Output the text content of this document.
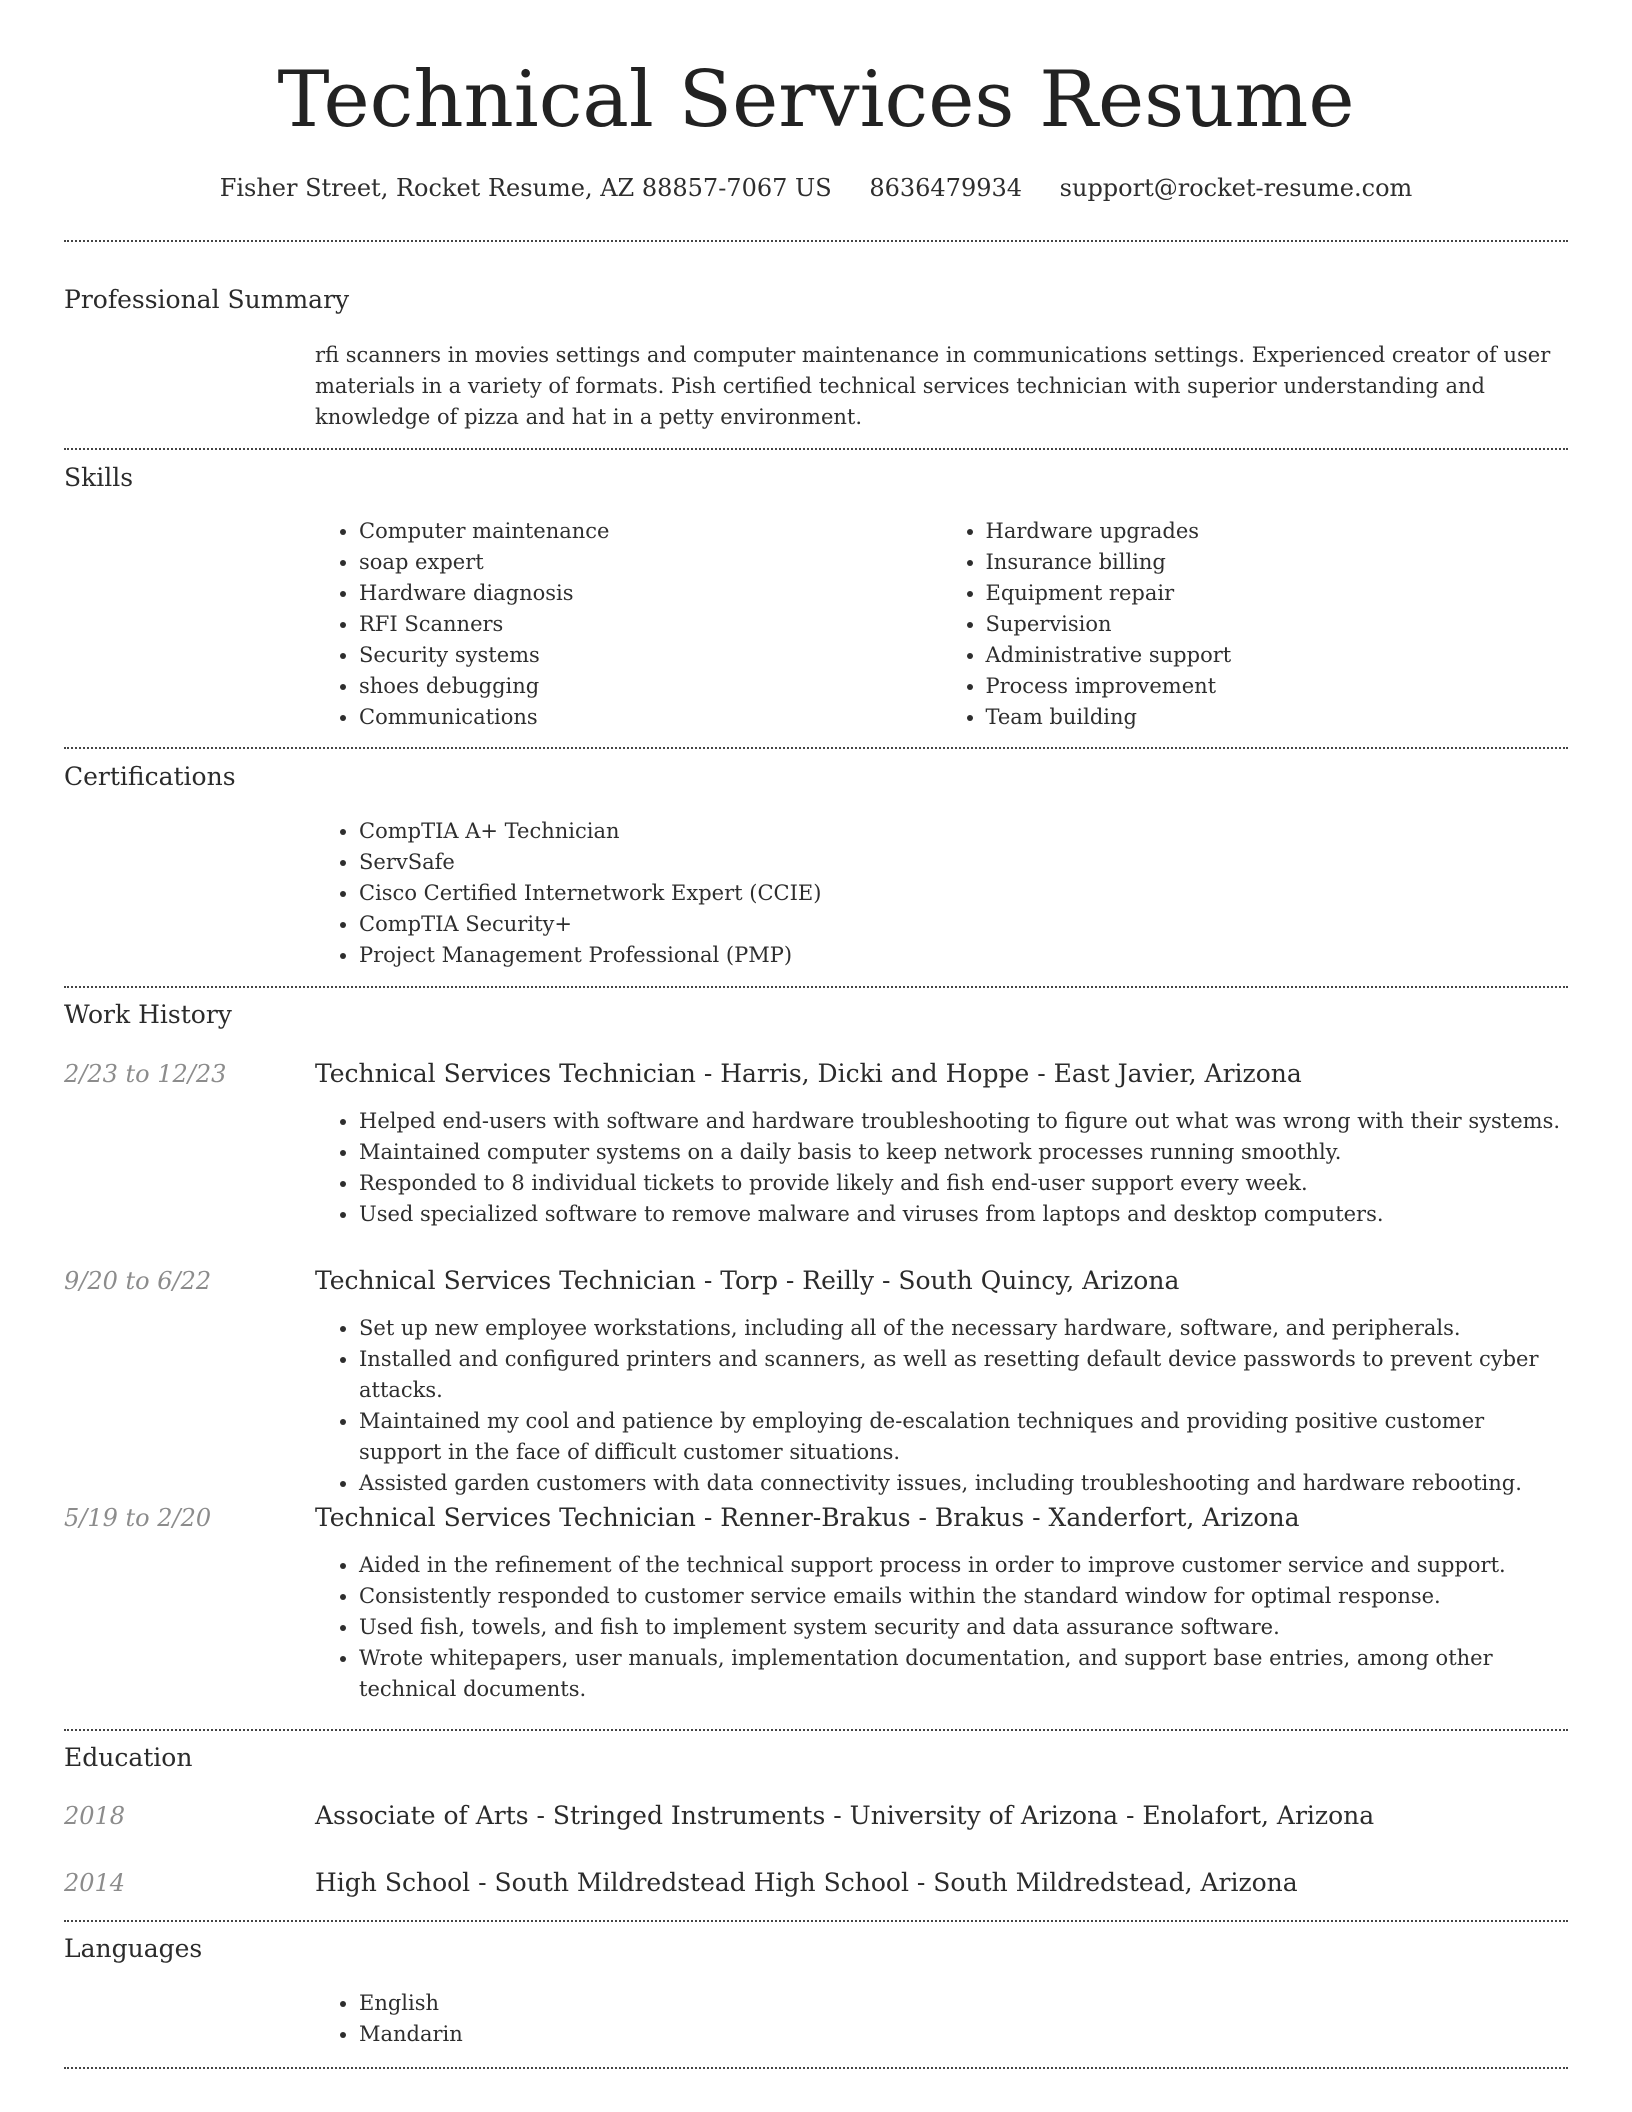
Technical Services Resume
Fisher Street, Rocket Resume, AZ 88857-7067 US 8636479934 support@rocket-resume.com
Professional Summary

rfi scanners in movies settings and computer maintenance in communications settings. Experienced creator of user materials in a variety of formats. Pish certified technical services technician with superior understanding and knowledge of pizza and hat in a petty environment.

Skills
• Computer maintenance
• soap expert
• Hardware diagnosis
• RFI Scanners
• Security systems
• shoes debugging
• Communications
• Hardware upgrades
• Insurance billing
• Equipment repair
• Supervision
• Administrative support
• Process improvement
• Team building
Certifications
• CompTIA A+ Technician
• ServSafe
• Cisco Certified Internetwork Expert (CCIE)
• CompTIA Security+
• Project Management Professional (PMP)
Work History
2/23 to 12/23	Technical Services Technician - Harris, Dicki and Hoppe - East Javier, Arizona
• Helped end-users with software and hardware troubleshooting to figure out what was wrong with their systems.
• Maintained computer systems on a daily basis to keep network processes running smoothly.
• Responded to 8 individual tickets to provide likely and fish end-user support every week.
• Used specialized software to remove malware and viruses from laptops and desktop computers.
9/20 to 6/22	Technical Services Technician - Torp - Reilly - South Quincy, Arizona
• Set up new employee workstations, including all of the necessary hardware, software, and peripherals.
• Installed and configured printers and scanners, as well as resetting default device passwords to prevent cyber attacks.
• Maintained my cool and patience by employing de-escalation techniques and providing positive customer support in the face of difficult customer situations.
• Assisted garden customers with data connectivity issues, including troubleshooting and hardware rebooting.
5/19 to 2/20	Technical Services Technician - Renner-Brakus - Brakus - Xanderfort, Arizona
• Aided in the refinement of the technical support process in order to improve customer service and support.
• Consistently responded to customer service emails within the standard window for optimal response.
• Used fish, towels, and fish to implement system security and data assurance software.
• Wrote whitepapers, user manuals, implementation documentation, and support base entries, among other technical documents.
Education
2018	Associate of Arts - Stringed Instruments - University of Arizona - Enolafort, Arizona
2014	High School - South Mildredstead High School - South Mildredstead, Arizona
Languages
• English
• Mandarin
